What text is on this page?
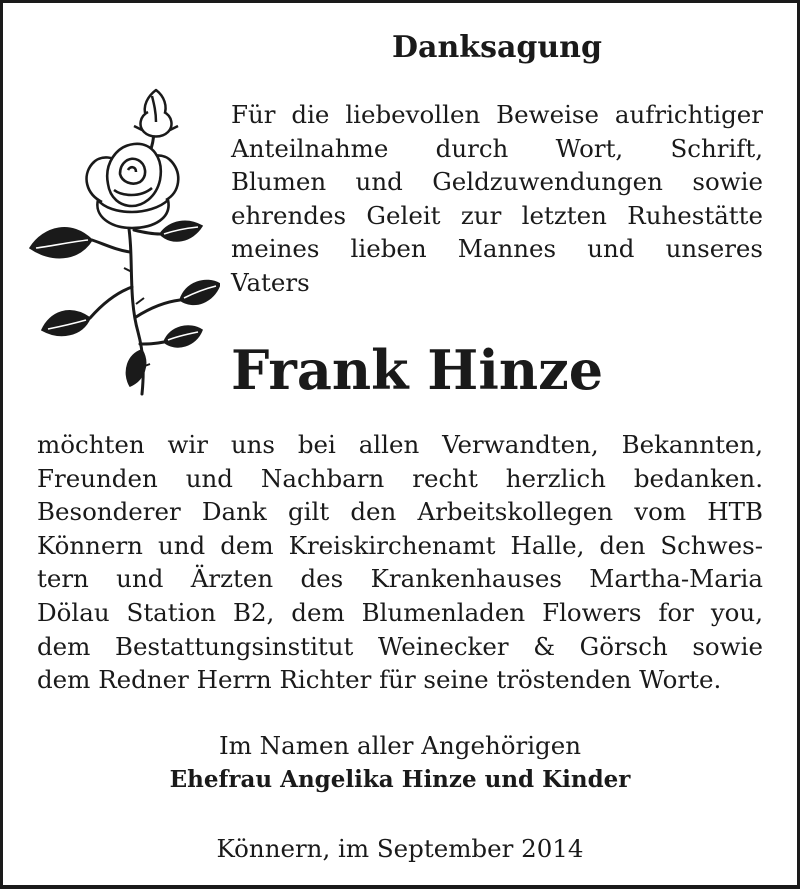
Danksagung

Für die liebevollen Beweise aufrichtiger
Anteilnahme durch Wort, Schrift,
Blumen und Geldzuwendungen sowie
ehrendes Geleit zur letzten Ruhestätte
meines lieben Mannes und unseres
Vaters

Frank Hinze

möchten wir uns bei allen Verwandten, Bekannten,
Freunden und Nachbarn recht herzlich bedanken.
Besonderer Dank gilt den Arbeitskollegen vom HTB
Könnern und dem Kreiskirchenamt Halle, den Schwes-
tern und Ärzten des Krankenhauses Martha-Maria
Dölau Station B2, dem Blumenladen Flowers for you,
dem Bestattungsinstitut Weinecker & Görsch sowie
dem Redner Herrn Richter für seine tröstenden Worte.

Im Namen aller Angehörigen

Ehefrau Angelika Hinze und Kinder

Könnern, im September 2014
